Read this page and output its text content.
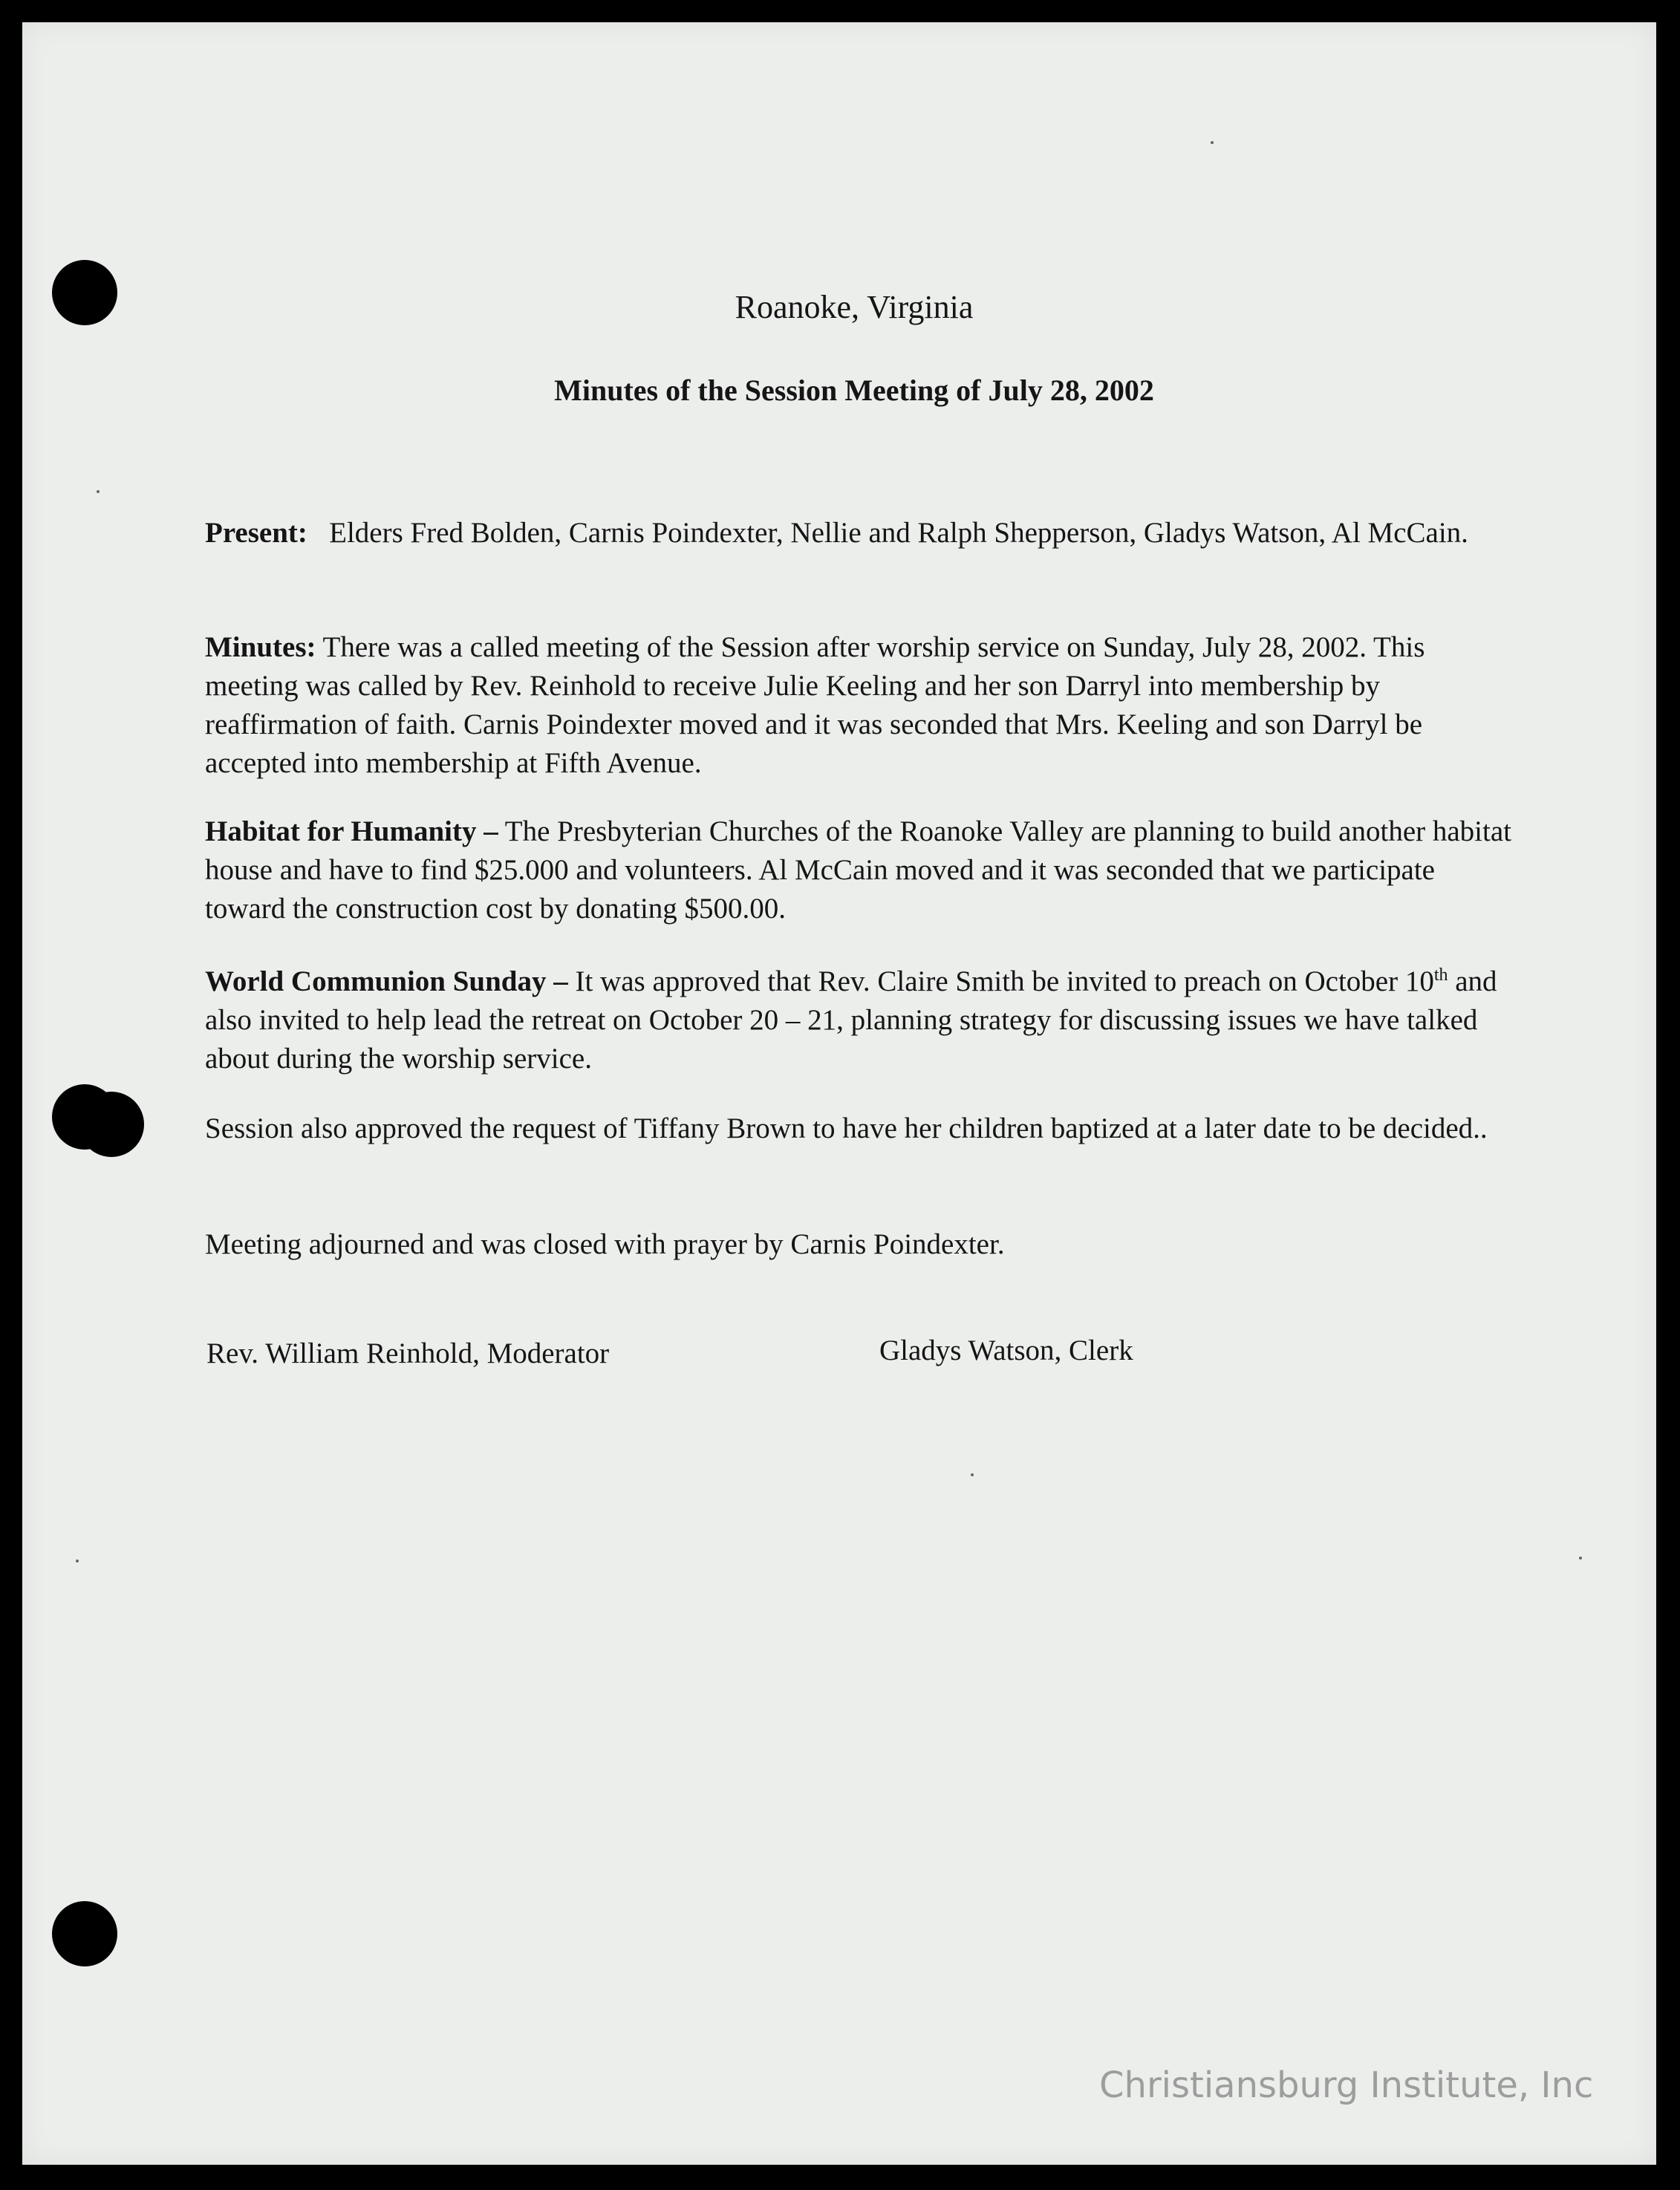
Roanoke, Virginia
Minutes of the Session Meeting of July 28, 2002
Present: Elders Fred Bolden, Carnis Poindexter, Nellie and Ralph Shepperson, Gladys Watson, Al McCain.
Minutes: There was a called meeting of the Session after worship service on Sunday, July 28, 2002. This meeting was called by Rev. Reinhold to receive Julie Keeling and her son Darryl into membership by reaffirmation of faith. Carnis Poindexter moved and it was seconded that Mrs. Keeling and son Darryl be accepted into membership at Fifth Avenue.
Habitat for Humanity – The Presbyterian Churches of the Roanoke Valley are planning to build another habitat house and have to find $25.000 and volunteers. Al McCain moved and it was seconded that we participate toward the construction cost by donating $500.00.
World Communion Sunday – It was approved that Rev. Claire Smith be invited to preach on October 10th and also invited to help lead the retreat on October 20 – 21, planning strategy for discussing issues we have talked about during the worship service.
Session also approved the request of Tiffany Brown to have her children baptized at a later date to be decided..
Meeting adjourned and was closed with prayer by Carnis Poindexter.
Rev. William Reinhold, Moderator	Gladys Watson, Clerk
Christiansburg Institute, Inc
